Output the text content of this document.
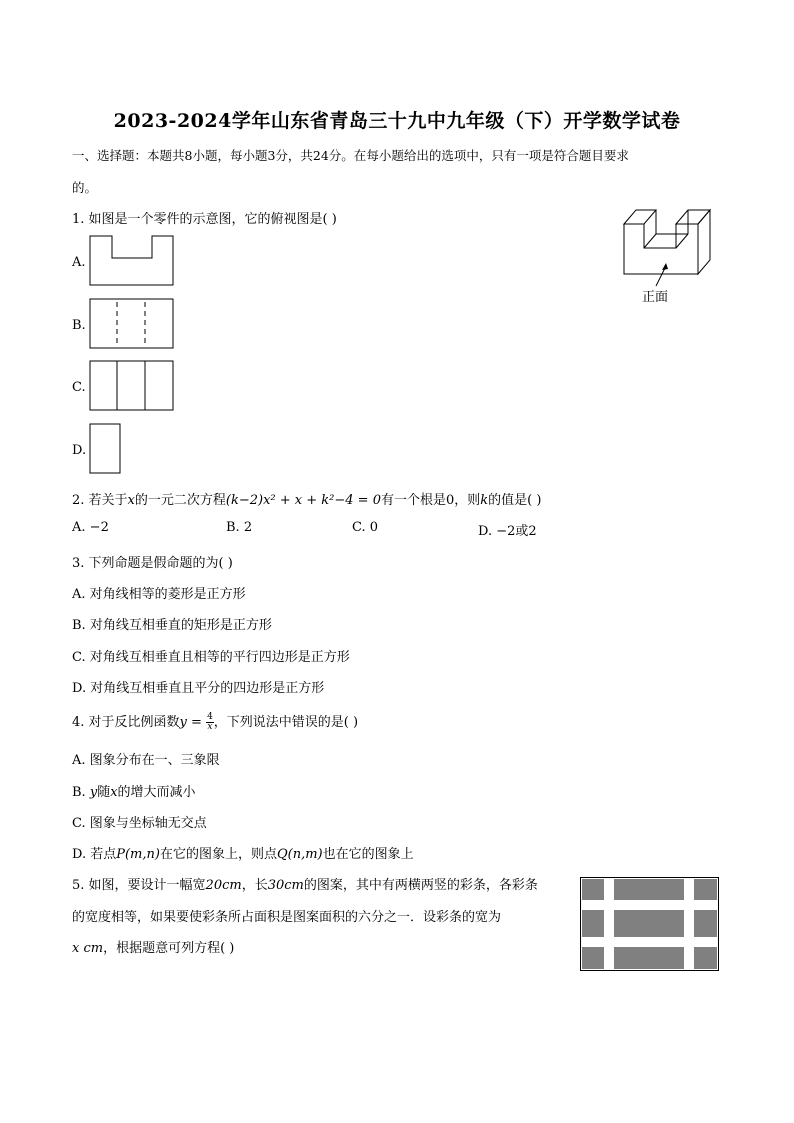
2023-2024学年山东省青岛三十九中九年级（下）开学数学试卷
一、选择题：本题共8小题，每小题3分，共24分。在每小题给出的选项中，只有一项是符合题目要求
的。
1. 如图是一个零件的示意图，它的俯视图是( )
正面
A.
B.
C.
D.
2. 若关于x的一元二次方程(k−2)x² + x + k²−4 = 0有一个根是0，则k的值是( )
A. −2	B. 2	C. 0	D. −2或2
3. 下列命题是假命题的为( )
A. 对角线相等的菱形是正方形
B. 对角线互相垂直的矩形是正方形
C. 对角线互相垂直且相等的平行四边形是正方形
D. 对角线互相垂直且平分的四边形是正方形
4. 对于反比例函数$y = \frac{4}{x}$ ，下列说法中错误的是( )
A. 图象分布在一、三象限
B. y随x的增大而减小
C. 图象与坐标轴无交点
D. 若点P(m,n)在它的图象上，则点Q(n,m)也在它的图象上
5. 如图，要设计一幅宽20cm，长30cm的图案，其中有两横两竖的彩条，各彩条
的宽度相等，如果要使彩条所占面积是图案面积的六分之一．设彩条的宽为
x cm，根据题意可列方程( )
